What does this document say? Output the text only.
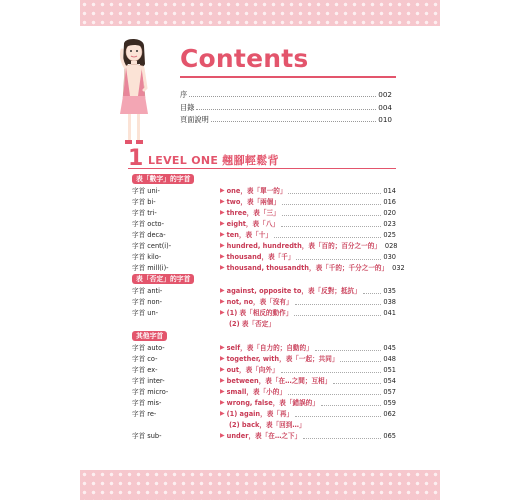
Contents
序	002
目錄	004
頁面說明	010
1 LEVEL ONE 翹腳輕鬆背
表「數字」的字首
字首 uni-	▶ one，表「單一的」	014
字首 bi-	▶ two，表「兩個」	016
字首 tri-	▶ three，表「三」	020
字首 octo-	▶ eight，表「八」	023
字首 deca-	▶ ten，表「十」	025
字首 cent(i)-	▶ hundred, hundredth，表「百的；百分之一的」 028
字首 kilo-	▶ thousand，表「千」	030
字首 mill(i)-	▶ thousand, thousandth，表「千的；千分之一的」 032
表「否定」的字首
字首 anti-	▶ against, opposite to，表「反對；抵抗」	035
字首 non-	▶ not, no，表「沒有」	038
字首 un-	▶ (1) 表「相反的動作」	041
(2) 表「否定」
其他字首
字首 auto-	▶ self，表「自力的；自動的」	045
字首 co-	▶ together, with，表「一起；共同」	048
字首 ex-	▶ out，表「向外」	051
字首 inter-	▶ between，表「在…之間；互相」	054
字首 micro-	▶ small，表「小的」	057
字首 mis-	▶ wrong, false，表「錯誤的」	059
字首 re-	▶ (1) again，表「再」	062
(2) back，表「回到…」
字首 sub-	▶ under，表「在…之下」	065
